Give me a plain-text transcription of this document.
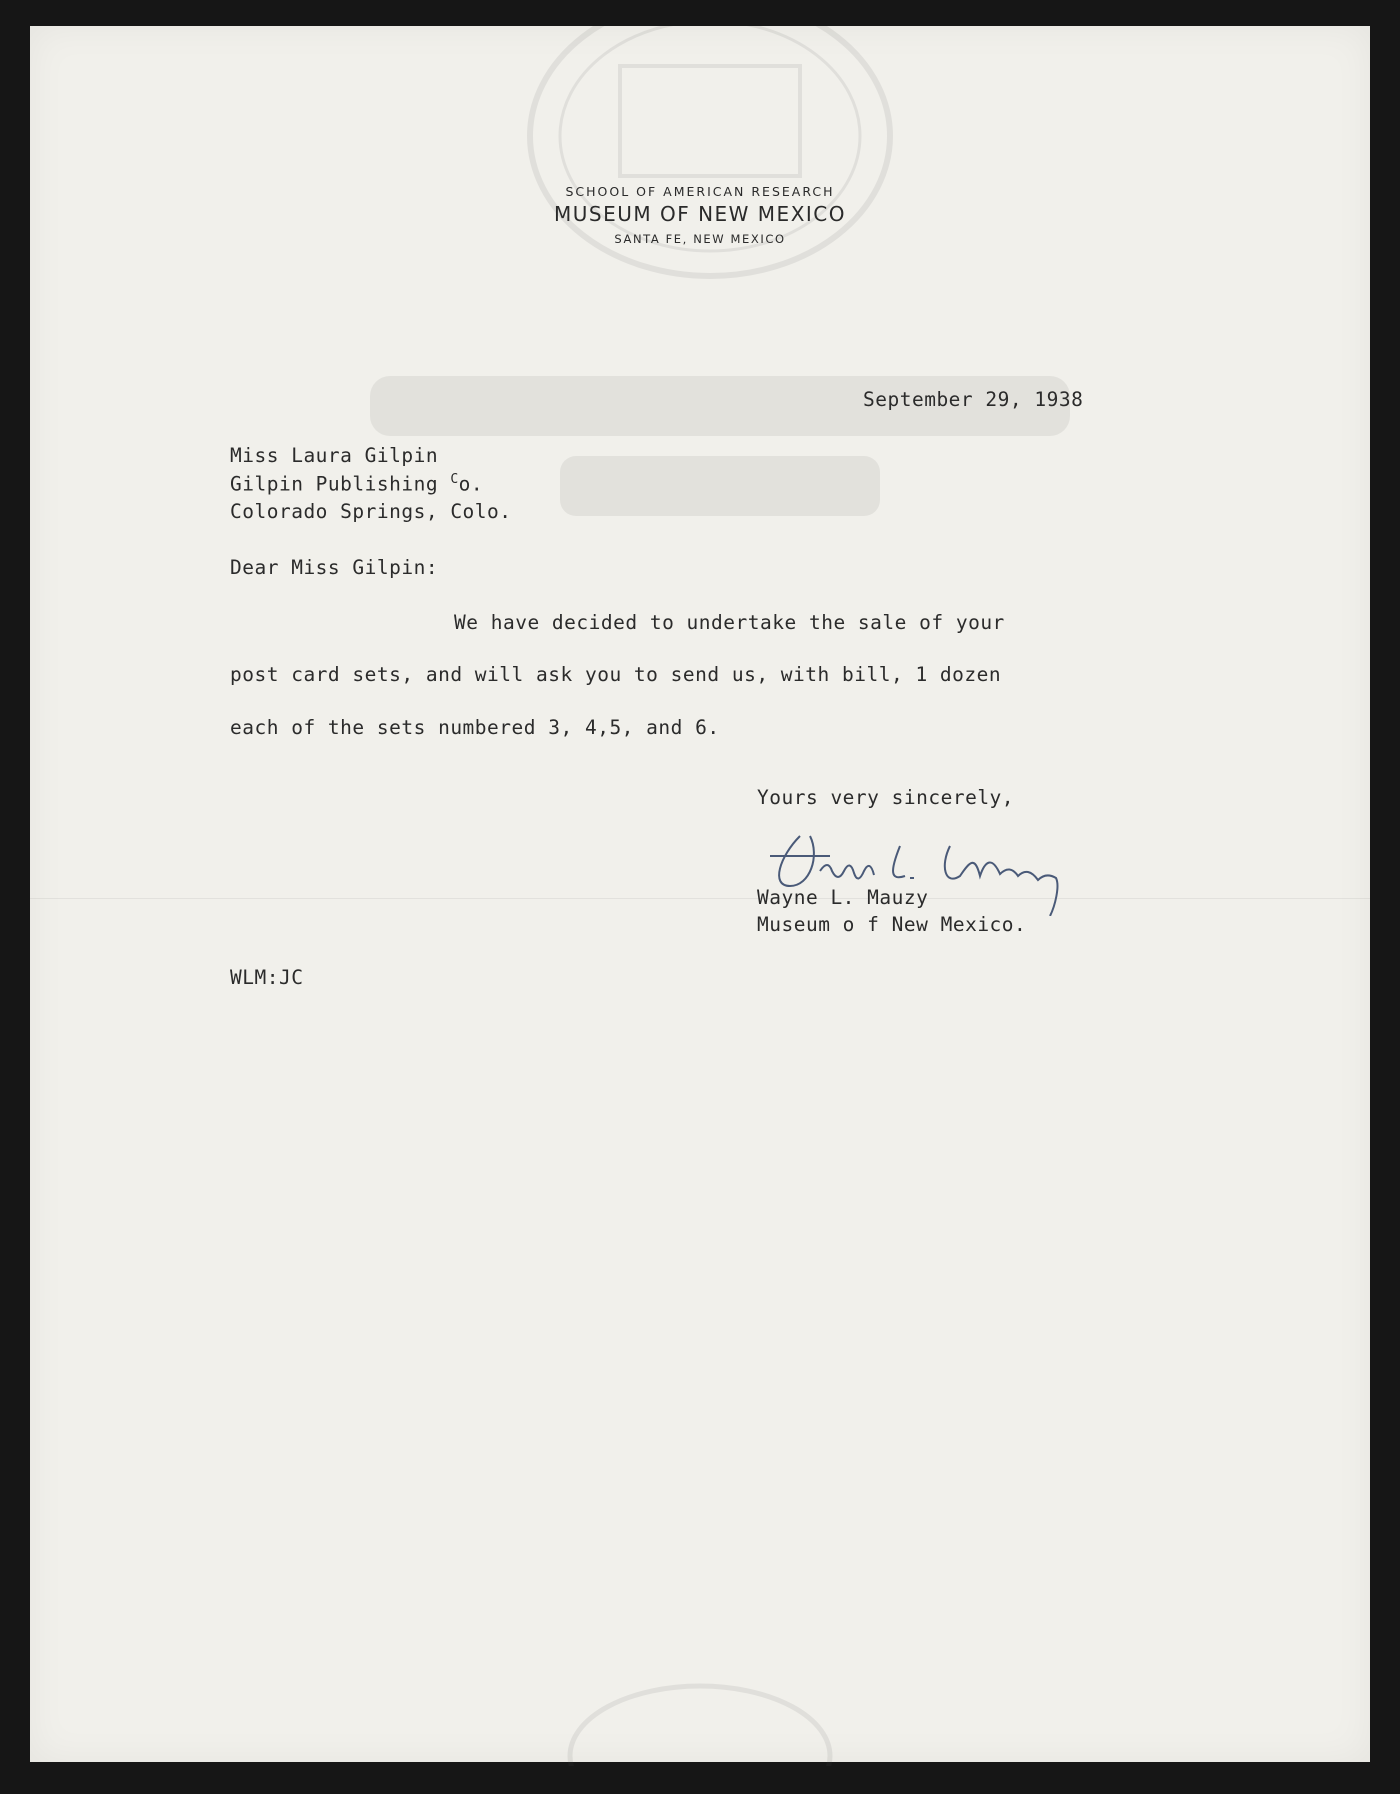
SCHOOL OF AMERICAN RESEARCH
MUSEUM OF NEW MEXICO
SANTA FE, NEW MEXICO
September 29, 1938
Miss Laura Gilpin
Gilpin Publishing $^C$o.
Colorado Springs, Colo.
Dear Miss Gilpin:
We have decided to undertake the sale of your
post card sets, and will ask you to send us, with bill, 1 dozen
each of the sets numbered 3, 4,5, and 6.
Yours very sincerely,
Wayne L. Mauzy
Museum o f New Mexico.
WLM:JC
